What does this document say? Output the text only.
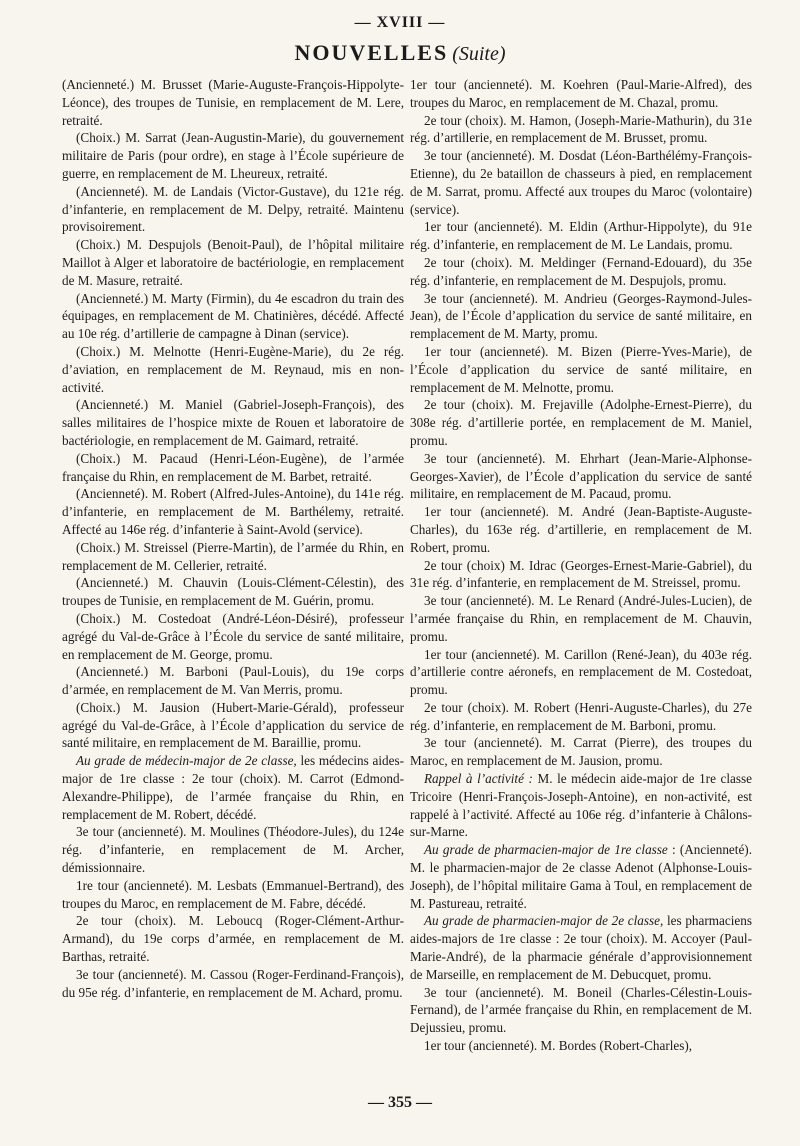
— XVIII —
NOUVELLES (Suite)

(Ancienneté.) M. Brusset (Marie-Auguste-François-Hippolyte-Léonce), des troupes de Tunisie, en remplacement de M. Lere, retraité.

(Choix.) M. Sarrat (Jean-Augustin-Marie), du gouvernement militaire de Paris (pour ordre), en stage à l’École supérieure de guerre, en remplacement de M. Lheureux, retraité.

(Ancienneté). M. de Landais (Victor-Gustave), du 121e rég. d’infanterie, en remplacement de M. Delpy, retraité. Maintenu provisoirement.

(Choix.) M. Despujols (Benoit-Paul), de l’hôpital militaire Maillot à Alger et laboratoire de bactériologie, en remplacement de M. Masure, retraité.

(Ancienneté.) M. Marty (Firmin), du 4e escadron du train des équipages, en remplacement de M. Chatinières, décédé. Affecté au 10e rég. d’artillerie de campagne à Dinan (service).

(Choix.) M. Melnotte (Henri-Eugène-Marie), du 2e rég. d’aviation, en remplacement de M. Reynaud, mis en non-activité.

(Ancienneté.) M. Maniel (Gabriel-Joseph-François), des salles militaires de l’hospice mixte de Rouen et laboratoire de bactériologie, en remplacement de M. Gaimard, retraité.

(Choix.) M. Pacaud (Henri-Léon-Eugène), de l’armée française du Rhin, en remplacement de M. Barbet, retraité.

(Ancienneté). M. Robert (Alfred-Jules-Antoine), du 141e rég. d’infanterie, en remplacement de M. Barthélemy, retraité. Affecté au 146e rég. d’infanterie à Saint-Avold (service).

(Choix.) M. Streissel (Pierre-Martin), de l’armée du Rhin, en remplacement de M. Cellerier, retraité.

(Ancienneté.) M. Chauvin (Louis-Clément-Célestin), des troupes de Tunisie, en remplacement de M. Guérin, promu.

(Choix.) M. Costedoat (André-Léon-Désiré), professeur agrégé du Val-de-Grâce à l’École du service de santé militaire, en remplacement de M. George, promu.

(Ancienneté.) M. Barboni (Paul-Louis), du 19e corps d’armée, en remplacement de M. Van Merris, promu.

(Choix.) M. Jausion (Hubert-Marie-Gérald), professeur agrégé du Val-de-Grâce, à l’École d’application du service de santé militaire, en remplacement de M. Baraillie, promu.

Au grade de médecin-major de 2e classe, les médecins aides-major de 1re classe : 2e tour (choix). M. Carrot (Edmond-Alexandre-Philippe), de l’armée française du Rhin, en remplacement de M. Robert, décédé.

3e tour (ancienneté). M. Moulines (Théodore-Jules), du 124e rég. d’infanterie, en remplacement de M. Archer, démissionnaire.

1re tour (ancienneté). M. Lesbats (Emmanuel-Bertrand), des troupes du Maroc, en remplacement de M. Fabre, décédé.

2e tour (choix). M. Leboucq (Roger-Clément-Arthur-Armand), du 19e corps d’armée, en remplacement de M. Barthas, retraité.

3e tour (ancienneté). M. Cassou (Roger-Ferdinand-François), du 95e rég. d’infanterie, en remplacement de M. Achard, promu.

1er tour (ancienneté). M. Koehren (Paul-Marie-Alfred), des troupes du Maroc, en remplacement de M. Chazal, promu.

2e tour (choix). M. Hamon, (Joseph-Marie-Mathurin), du 31e rég. d’artillerie, en remplacement de M. Brusset, promu.

3e tour (ancienneté). M. Dosdat (Léon-Barthélémy-François-Etienne), du 2e bataillon de chasseurs à pied, en remplacement de M. Sarrat, promu. Affecté aux troupes du Maroc (volontaire) (service).

1er tour (ancienneté). M. Eldin (Arthur-Hippolyte), du 91e rég. d’infanterie, en remplacement de M. Le Landais, promu.

2e tour (choix). M. Meldinger (Fernand-Edouard), du 35e rég. d’infanterie, en remplacement de M. Despujols, promu.

3e tour (ancienneté). M. Andrieu (Georges-Raymond-Jules-Jean), de l’École d’application du service de santé militaire, en remplacement de M. Marty, promu.

1er tour (ancienneté). M. Bizen (Pierre-Yves-Marie), de l’École d’application du service de santé militaire, en remplacement de M. Melnotte, promu.

2e tour (choix). M. Frejaville (Adolphe-Ernest-Pierre), du 308e rég. d’artillerie portée, en remplacement de M. Maniel, promu.

3e tour (ancienneté). M. Ehrhart (Jean-Marie-Alphonse-Georges-Xavier), de l’École d’application du service de santé militaire, en remplacement de M. Pacaud, promu.

1er tour (ancienneté). M. André (Jean-Baptiste-Auguste-Charles), du 163e rég. d’artillerie, en remplacement de M. Robert, promu.

2e tour (choix) M. Idrac (Georges-Ernest-Marie-Gabriel), du 31e rég. d’infanterie, en remplacement de M. Streissel, promu.

3e tour (ancienneté). M. Le Renard (André-Jules-Lucien), de l’armée française du Rhin, en remplacement de M. Chauvin, promu.

1er tour (ancienneté). M. Carillon (René-Jean), du 403e rég. d’artillerie contre aéronefs, en remplacement de M. Costedoat, promu.

2e tour (choix). M. Robert (Henri-Auguste-Charles), du 27e rég. d’infanterie, en remplacement de M. Barboni, promu.

3e tour (ancienneté). M. Carrat (Pierre), des troupes du Maroc, en remplacement de M. Jausion, promu.

Rappel à l’activité : M. le médecin aide-major de 1re classe Tricoire (Henri-François-Joseph-Antoine), en non-activité, est rappelé à l’activité. Affecté au 106e rég. d’infanterie à Châlons-sur-Marne.

Au grade de pharmacien-major de 1re classe : (Ancienneté). M. le pharmacien-major de 2e classe Adenot (Alphonse-Louis-Joseph), de l’hôpital militaire Gama à Toul, en remplacement de M. Pastureau, retraité.

Au grade de pharmacien-major de 2e classe, les pharmaciens aides-majors de 1re classe : 2e tour (choix). M. Accoyer (Paul-Marie-André), de la pharmacie générale d’approvisionnement de Marseille, en remplacement de M. Debucquet, promu.

3e tour (ancienneté). M. Boneil (Charles-Célestin-Louis-Fernand), de l’armée française du Rhin, en remplacement de M. Dejussieu, promu.

1er tour (ancienneté). M. Bordes (Robert-Charles),

— 355 —
